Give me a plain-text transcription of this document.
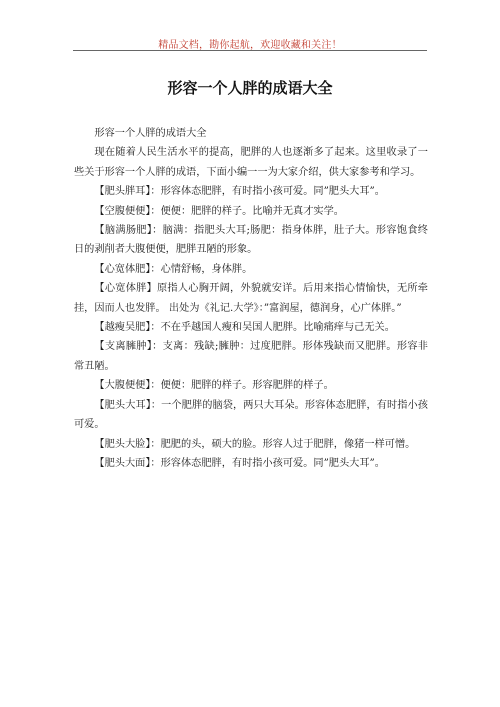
精品文档，勘你起航，欢迎收藏和关注！
形容一个人胖的成语大全

形容一个人胖的成语大全

现在随着人民生活水平的提高，肥胖的人也逐渐多了起来。这里收录了一些关于形容一个人胖的成语，下面小编一一为大家介绍，供大家参考和学习。

【肥头胖耳】：形容体态肥胖，有时指小孩可爱。同”肥头大耳”。

【空腹便便】：便便：肥胖的样子。比喻并无真才实学。

【脑满肠肥】：脑满：指肥头大耳;肠肥：指身体胖，肚子大。形容饱食终日的剥削者大腹便便，肥胖丑陋的形象。

【心宽体肥】：心情舒畅，身体胖。

【心宽体胖】原指人心胸开阔，外貌就安详。后用来指心情愉快，无所牵挂，因而人也发胖。 出处为《礼记.大学》：”富润屋，德润身，心广体胖。”

【越瘦吴肥】：不在乎越国人瘦和吴国人肥胖。比喻痛痒与己无关。

【支离臃肿】：支离：残缺;臃肿：过度肥胖。形体残缺而又肥胖。形容非常丑陋。

【大腹便便】：便便：肥胖的样子。形容肥胖的样子。

【肥头大耳】：一个肥胖的脑袋，两只大耳朵。形容体态肥胖，有时指小孩可爱。

【肥头大脸】：肥肥的头，硕大的脸。形容人过于肥胖，像猪一样可憎。

【肥头大面】：形容体态肥胖，有时指小孩可爱。同”肥头大耳”。
